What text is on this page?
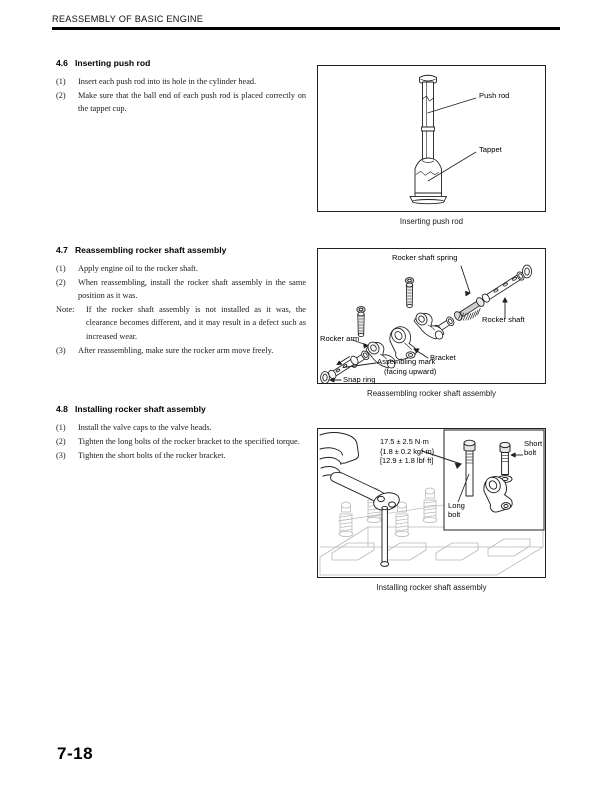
REASSEMBLY OF BASIC ENGINE
4.6 Inserting push rod
(1)	Insert each push rod into its hole in the cylinder head.
(2)	Make sure that the ball end of each push rod is placed correctly on the tappet cup.
4.7 Reassembling rocker shaft assembly
(1)	Apply engine oil to the rocker shaft.
(2)	When reassembling, install the rocker shaft assembly in the same position as it was.
Note:	If the rocker shaft assembly is not installed as it was, the clearance becomes different, and it may result in a defect such as increased wear.
(3)	After reassembling, make sure the rocker arm move freely.
4.8 Installing rocker shaft assembly
(1)	Install the valve caps to the valve heads.
(2)	Tighten the long bolts of the rocker bracket to the specified torque.
(3)	Tighten the short bolts of the rocker bracket.
Push rod
Tappet
Inserting push rod
Rocker shaft spring
Rocker shaft
Rocker arm
Bracket
Assembling mark
(facing upward)
Snap ring
Reassembling rocker shaft assembly
17.5 ± 2.5 N·m
{1.8 ± 0.2 kgf·m}
[12.9 ± 1.8 lbf·ft]
Short
bolt
Long
bolt
Installing rocker shaft assembly
7-18
